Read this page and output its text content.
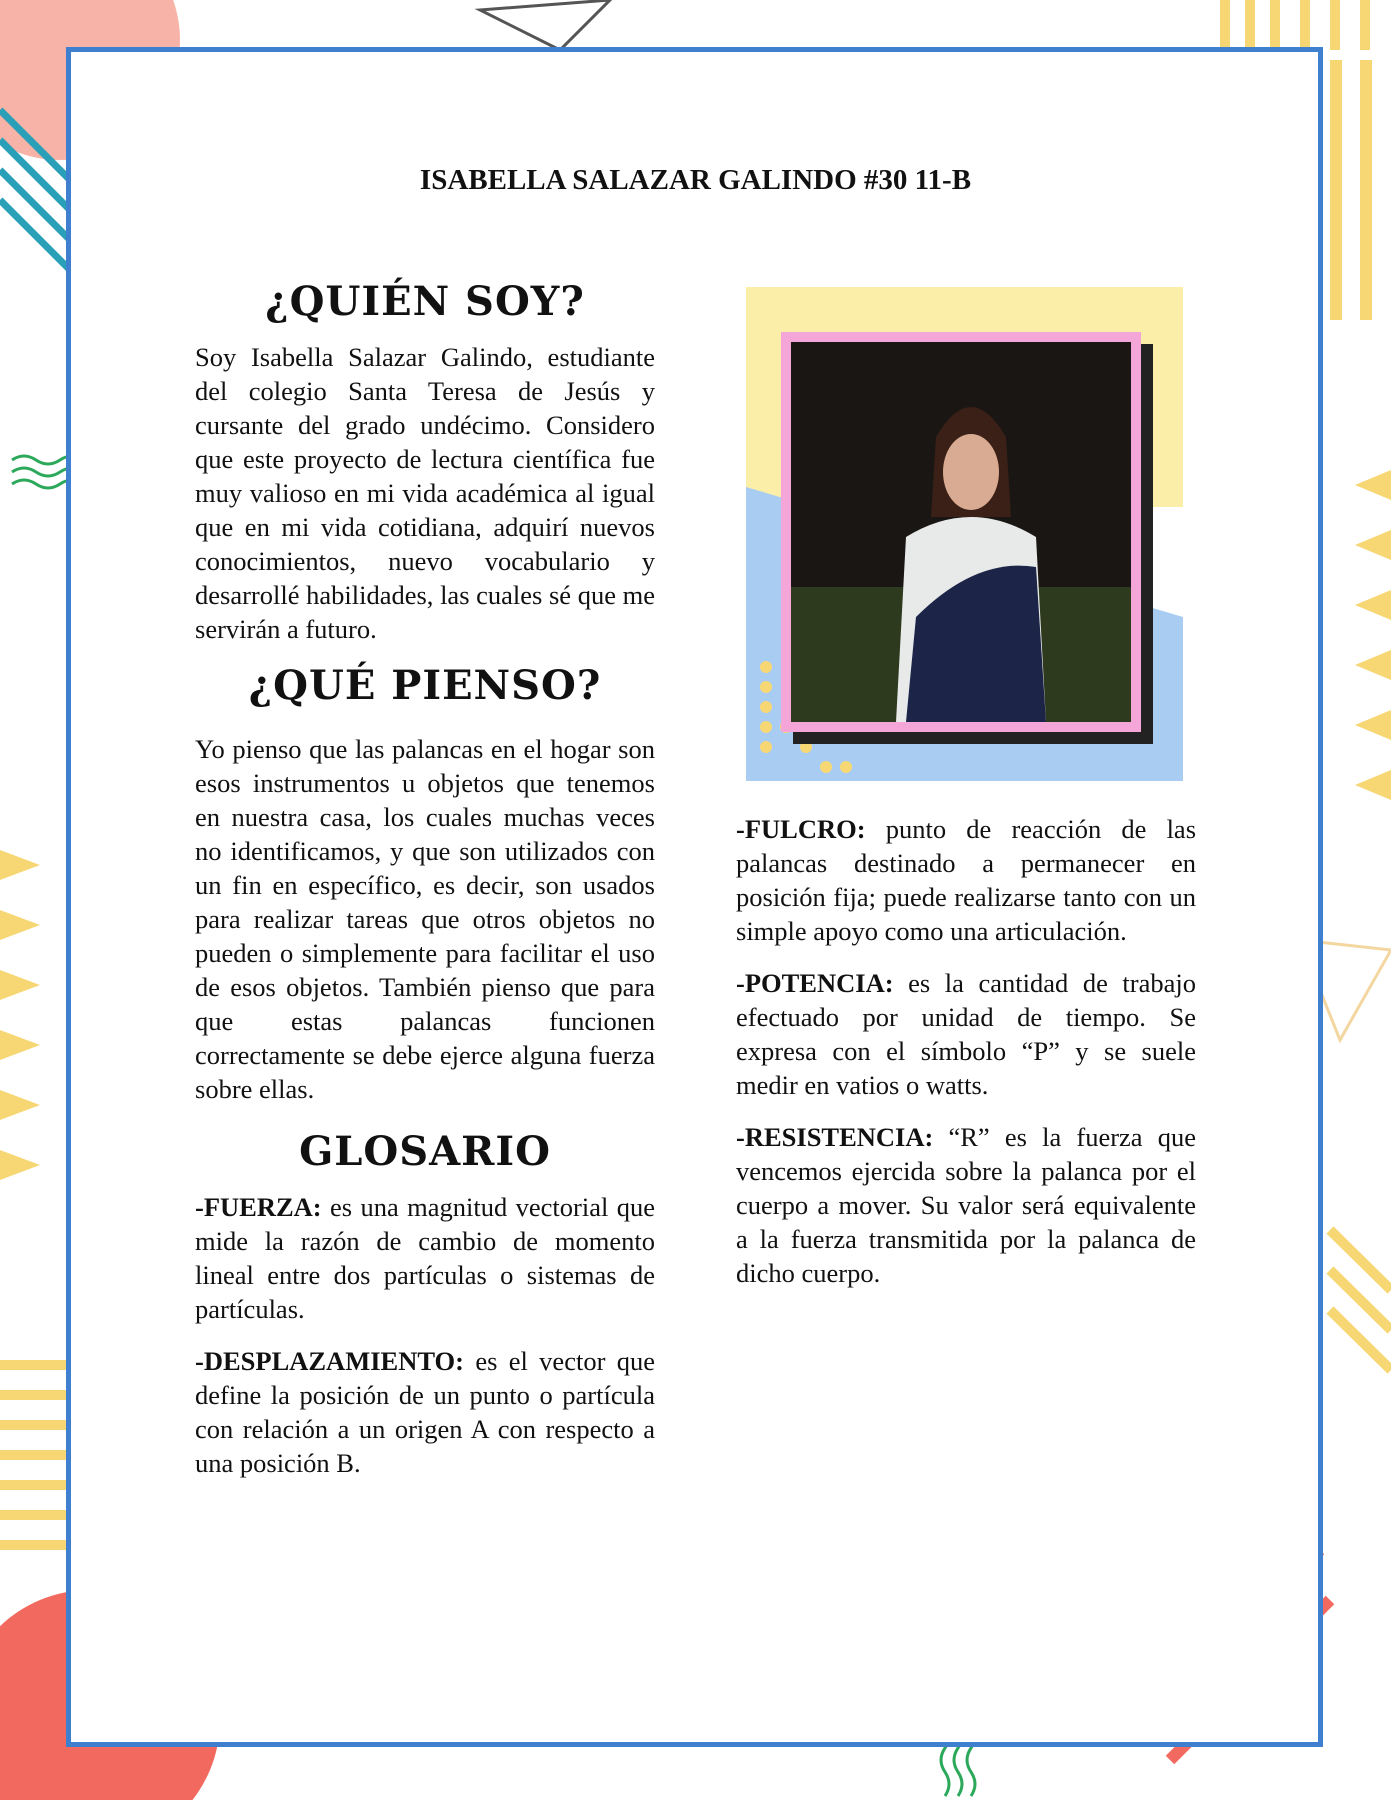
ISABELLA SALAZAR GALINDO #30 11-B
¿QUIÉN SOY?

Soy Isabella Salazar Galindo, estudiante del colegio Santa Teresa de Jesús y cursante del grado undécimo. Considero que este proyecto de lectura científica fue muy valioso en mi vida académica al igual que en mi vida cotidiana, adquirí nuevos conocimientos, nuevo vocabulario y desarrollé habilidades, las cuales sé que me servirán a futuro.

¿QUÉ PIENSO?

Yo pienso que las palancas en el hogar son esos instrumentos u objetos que tenemos en nuestra casa, los cuales muchas veces no identificamos, y que son utilizados con un fin en específico, es decir, son usados para realizar tareas que otros objetos no pueden o simplemente para facilitar el uso de esos objetos. También pienso que para que estas palancas funcionen correctamente se debe ejerce alguna fuerza sobre ellas.

GLOSARIO

-FUERZA: es una magnitud vectorial que mide la razón de cambio de momento lineal entre dos partículas o sistemas de partículas.

-DESPLAZAMIENTO: es el vector que define la posición de un punto o partícula con relación a un origen A con respecto a una posición B.

-FULCRO: punto de reacción de las palancas destinado a permanecer en posición fija; puede realizarse tanto con un simple apoyo como una articulación.

-POTENCIA: es la cantidad de trabajo efectuado por unidad de tiempo. Se expresa con el símbolo “P” y se suele medir en vatios o watts.

-RESISTENCIA: “R” es la fuerza que vencemos ejercida sobre la palanca por el cuerpo a mover. Su valor será equivalente a la fuerza transmitida por la palanca de dicho cuerpo.
